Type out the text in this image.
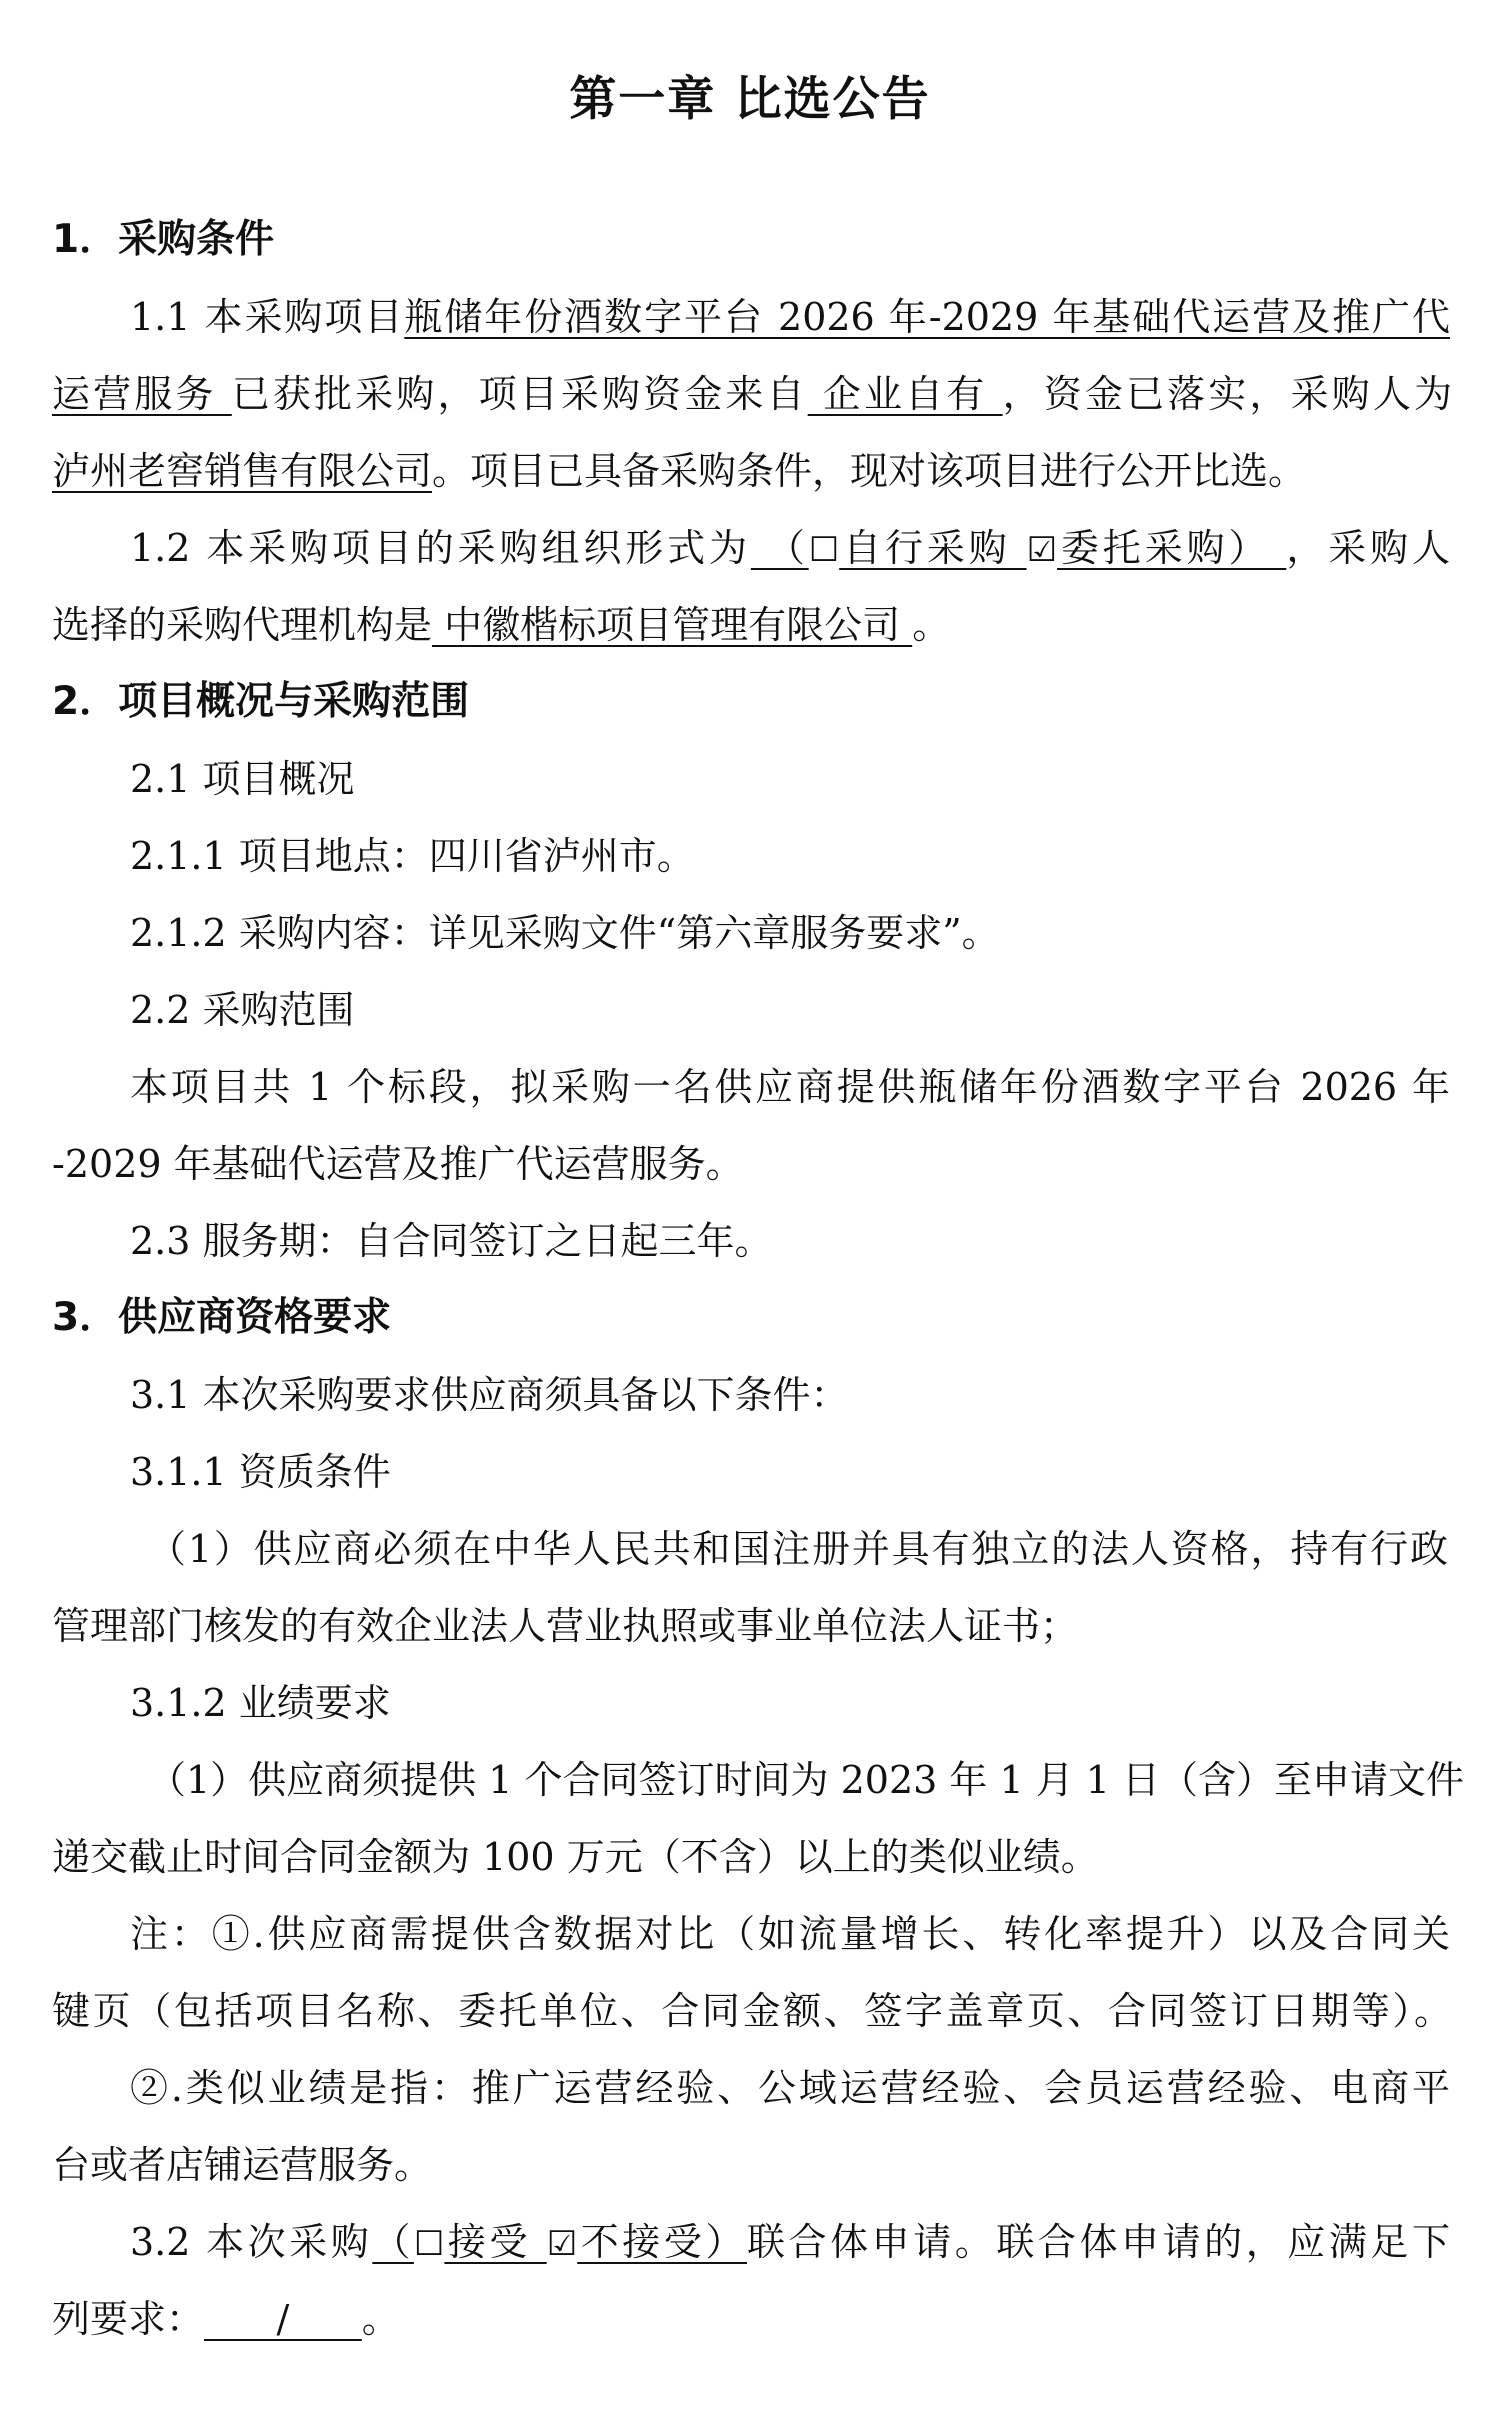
第一章 比选公告
1．采购条件
1.1 本采购项目瓶储年份酒数字平台 2026 年-2029 年基础代运营及推广代
运营服务 已获批采购，项目采购资金来自 企业自有 ，资金已落实，采购人为
泸州老窖销售有限公司。项目已具备采购条件，现对该项目进行公开比选。
1.2 本采购项目的采购组织形式为 （☐自行采购 ☑委托采购） ，采购人
选择的采购代理机构是 中徽楷标项目管理有限公司 。
2．项目概况与采购范围
2.1 项目概况
2.1.1 项目地点：四川省泸州市。
2.1.2 采购内容：详见采购文件“第六章服务要求”。
2.2 采购范围
本项目共 1 个标段，拟采购一名供应商提供瓶储年份酒数字平台 2026 年
-2029 年基础代运营及推广代运营服务。
2.3 服务期：自合同签订之日起三年。
3．供应商资格要求
3.1 本次采购要求供应商须具备以下条件：
3.1.1 资质条件
（1）供应商必须在中华人民共和国注册并具有独立的法人资格，持有行政
管理部门核发的有效企业法人营业执照或事业单位法人证书；
3.1.2 业绩要求
（1）供应商须提供 1 个合同签订时间为 2023 年 1 月 1 日（含）至申请文件
递交截止时间合同金额为 100 万元（不含）以上的类似业绩。
注：①.供应商需提供含数据对比（如流量增长、转化率提升）以及合同关
键页（包括项目名称、委托单位、合同金额、签字盖章页、合同签订日期等）。
②.类似业绩是指：推广运营经验、公域运营经验、会员运营经验、电商平
台或者店铺运营服务。
3.2 本次采购（☐接受 ☑不接受）联合体申请。联合体申请的，应满足下
列要求：      /      。
